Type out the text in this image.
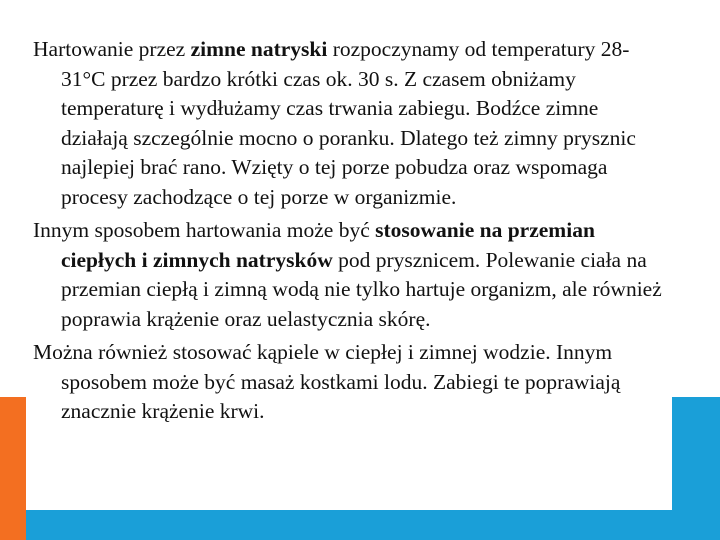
Hartowanie przez zimne natryski rozpoczynamy od temperatury 28-31°C przez bardzo krótki czas ok. 30 s. Z czasem obniżamy temperaturę i wydłużamy czas trwania zabiegu. Bodźce zimne działają szczególnie mocno o poranku. Dlatego też zimny prysznic najlepiej brać rano. Wzięty o tej porze pobudza oraz wspomaga procesy zachodzące o tej porze w organizmie.

Innym sposobem hartowania może być stosowanie na przemian ciepłych i zimnych natrysków pod prysznicem. Polewanie ciała na przemian ciepłą i zimną wodą nie tylko hartuje organizm, ale również poprawia krążenie oraz uelastycznia skórę.

Można również stosować kąpiele w ciepłej i zimnej wodzie. Innym sposobem może być masaż kostkami lodu. Zabiegi te poprawiają znacznie krążenie krwi.
